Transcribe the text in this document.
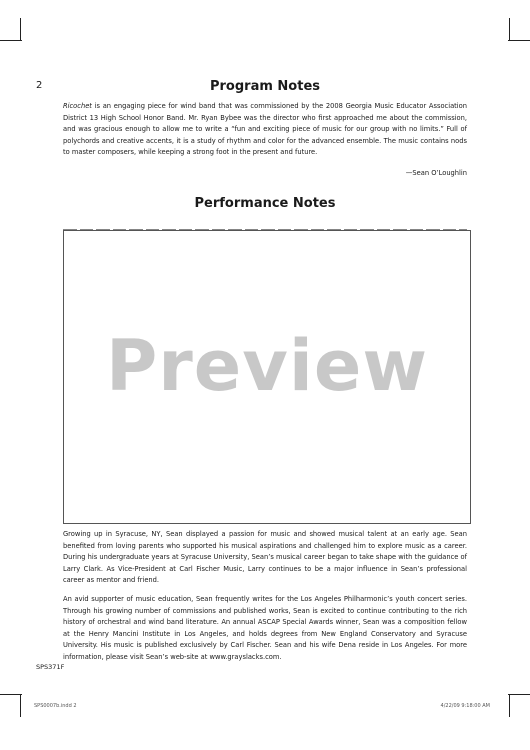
2	Program Notes
Ricochet is an engaging piece for wind band that was commissioned by the 2008 Georgia Music Educator Association District 13 High School Honor Band. Mr. Ryan Bybee was the director who first approached me about the commission, and was gracious enough to allow me to write a “fun and exciting piece of music for our group with no limits.” Full of polychords and creative accents, it is a study of rhythm and color for the advanced ensemble. The music contains nods to master composers, while keeping a strong foot in the present and future.
—Sean O’Loughlin
Performance Notes
Preview
Growing up in Syracuse, NY, Sean displayed a passion for music and showed musical talent at an early age. Sean benefited from loving parents who supported his musical aspirations and challenged him to explore music as a career. During his undergraduate years at Syracuse University, Sean’s musical career began to take shape with the guidance of Larry Clark. As Vice-President at Carl Fischer Music, Larry continues to be a major influence in Sean’s professional career as mentor and friend.
An avid supporter of music education, Sean frequently writes for the Los Angeles Philharmonic’s youth concert series. Through his growing number of commissions and published works, Sean is excited to continue contributing to the rich history of orchestral and wind band literature. An annual ASCAP Special Awards winner, Sean was a composition fellow at the Henry Mancini Institute in Los Angeles, and holds degrees from New England Conservatory and Syracuse University. His music is published exclusively by Carl Fischer. Sean and his wife Dena reside in Los Angeles. For more information, please visit Sean’s web-site at www.grayslacks.com.
SPS371F
SPS0007b.indd 2	4/22/09 9:18:00 AM
